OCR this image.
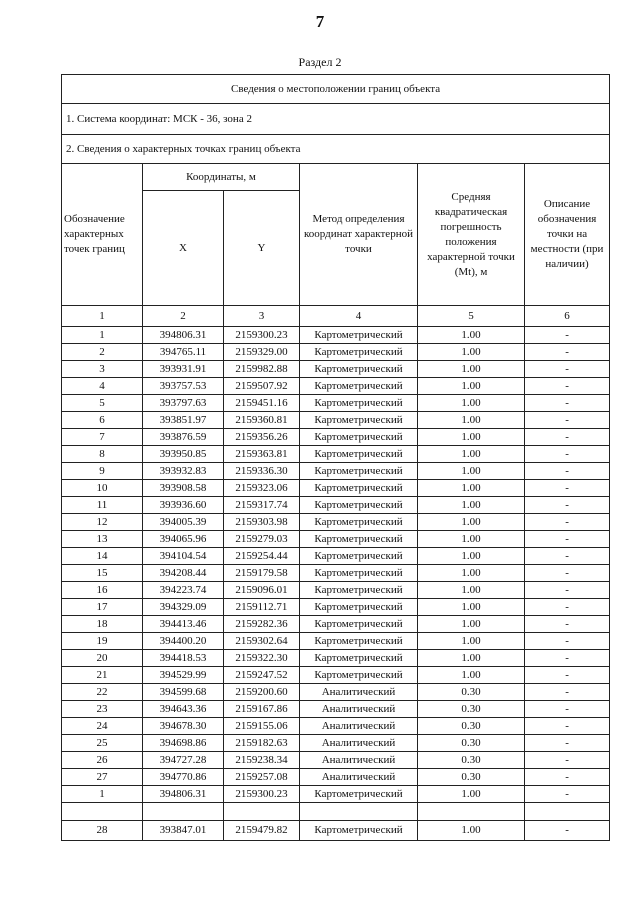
7
Раздел 2
Сведения о местоположении границ объекта					
1. Система координат: МСК - 36, зона 2					
2. Сведения о характерных точках границ объекта					
Обозначение характерных точек границ	Координаты, м		Метод определения координат характерной точки	Средняя квадратическая погрешность положения характерной точки (Mt), м	Описание обозначения точки на местности (при наличии)
	X	Y			
1	2	3	4	5	6
1	394806.31	2159300.23	Картометрический	1.00	-
2	394765.11	2159329.00	Картометрический	1.00	-
3	393931.91	2159982.88	Картометрический	1.00	-
4	393757.53	2159507.92	Картометрический	1.00	-
5	393797.63	2159451.16	Картометрический	1.00	-
6	393851.97	2159360.81	Картометрический	1.00	-
7	393876.59	2159356.26	Картометрический	1.00	-
8	393950.85	2159363.81	Картометрический	1.00	-
9	393932.83	2159336.30	Картометрический	1.00	-
10	393908.58	2159323.06	Картометрический	1.00	-
11	393936.60	2159317.74	Картометрический	1.00	-
12	394005.39	2159303.98	Картометрический	1.00	-
13	394065.96	2159279.03	Картометрический	1.00	-
14	394104.54	2159254.44	Картометрический	1.00	-
15	394208.44	2159179.58	Картометрический	1.00	-
16	394223.74	2159096.01	Картометрический	1.00	-
17	394329.09	2159112.71	Картометрический	1.00	-
18	394413.46	2159282.36	Картометрический	1.00	-
19	394400.20	2159302.64	Картометрический	1.00	-
20	394418.53	2159322.30	Картометрический	1.00	-
21	394529.99	2159247.52	Картометрический	1.00	-
22	394599.68	2159200.60	Аналитический	0.30	-
23	394643.36	2159167.86	Аналитический	0.30	-
24	394678.30	2159155.06	Аналитический	0.30	-
25	394698.86	2159182.63	Аналитический	0.30	-
26	394727.28	2159238.34	Аналитический	0.30	-
27	394770.86	2159257.08	Аналитический	0.30	-
1	394806.31	2159300.23	Картометрический	1.00	-

28	393847.01	2159479.82	Картометрический	1.00	-
